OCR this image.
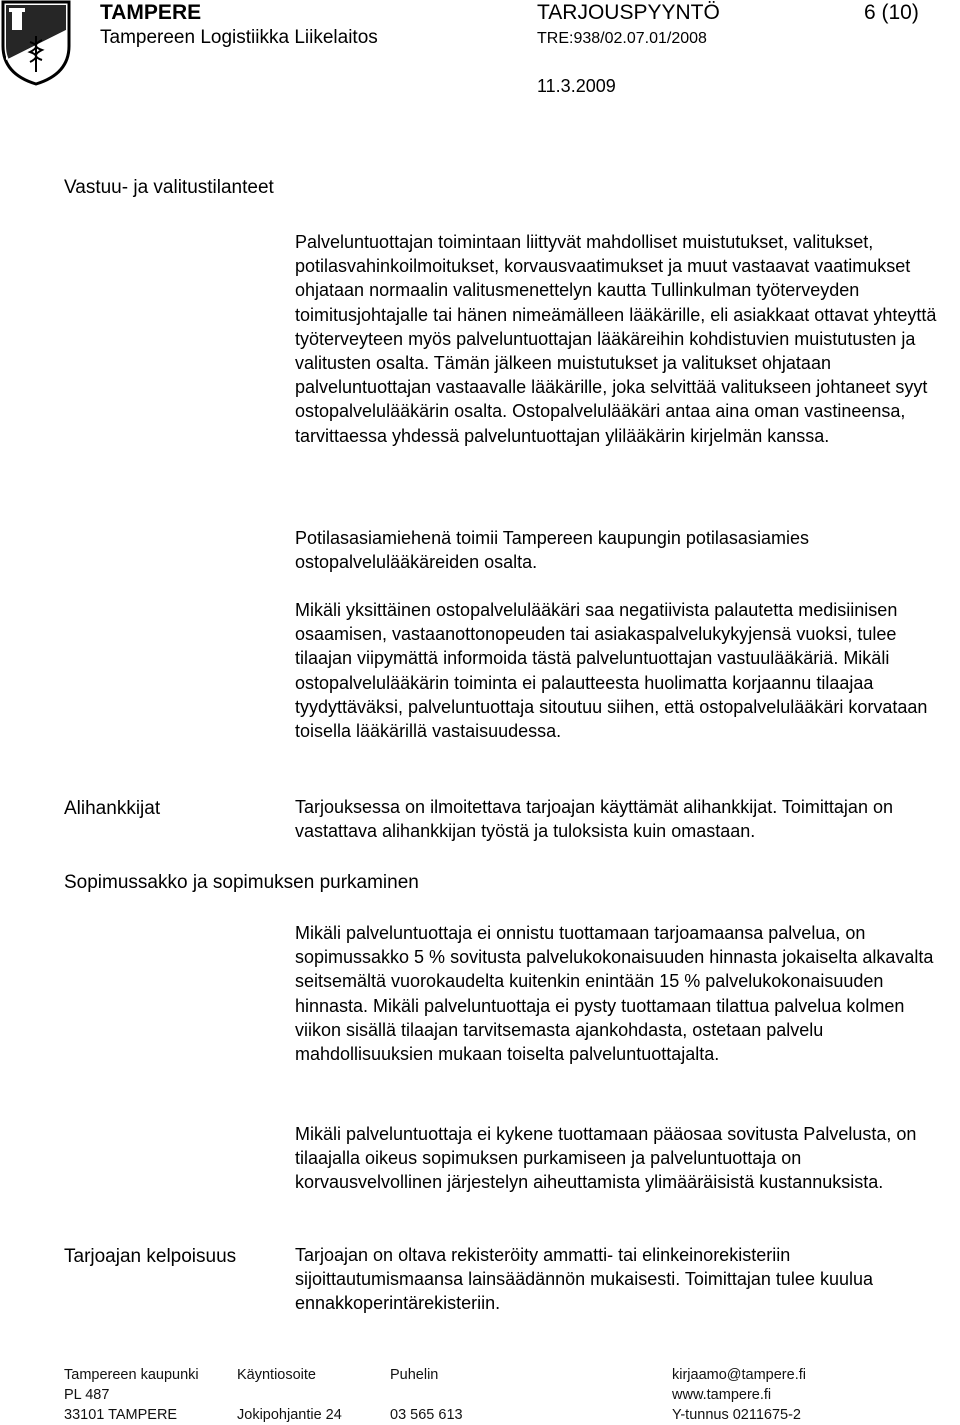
TAMPERE
Tampereen Logistiikka Liikelaitos
TARJOUSPYYNTÖ
TRE:938/02.07.01/2008
6 (10)
11.3.2009
Vastuu- ja valitustilanteet

Palveluntuottajan toimintaan liittyvät mahdolliset muistutukset, valitukset, potilasvahinkoilmoitukset, korvausvaatimukset ja muut vastaavat vaatimukset ohjataan normaalin valitusmenettelyn kautta Tullinkulman työterveyden toimitusjohtajalle tai hänen nimeämälleen lääkärille, eli asiakkaat ottavat yhteyttä työterveyteen myös palveluntuottajan lääkäreihin kohdistuvien muistutusten ja valitusten osalta. Tämän jälkeen muistutukset ja valitukset ohjataan palveluntuottajan vastaavalle lääkärille, joka selvittää valitukseen johtaneet syyt ostopalvelulääkärin osalta. Ostopalvelulääkäri antaa aina oman vastineensa, tarvittaessa yhdessä palveluntuottajan ylilääkärin kirjelmän kanssa.

Potilasasiamiehenä toimii Tampereen kaupungin potilasasiamies ostopalvelulääkäreiden osalta.

Mikäli yksittäinen ostopalvelulääkäri saa negatiivista palautetta medisiinisen osaamisen, vastaanottonopeuden tai asiakaspalvelukykyjensä vuoksi, tulee tilaajan viipymättä informoida tästä palveluntuottajan vastuulääkäriä. Mikäli ostopalvelulääkärin toiminta ei palautteesta huolimatta korjaannu tilaajaa tyydyttäväksi, palveluntuottaja sitoutuu siihen, että ostopalvelulääkäri korvataan toisella lääkärillä vastaisuudessa.

Alihankkijat	Tarjouksessa on ilmoitettava tarjoajan käyttämät alihankkijat. Toimittajan on vastattava alihankkijan työstä ja tuloksista kuin omastaan.

Sopimussakko ja sopimuksen purkaminen

Mikäli palveluntuottaja ei onnistu tuottamaan tarjoamaansa palvelua, on sopimussakko 5 % sovitusta palvelukokonaisuuden hinnasta jokaiselta alkavalta seitsemältä vuorokaudelta kuitenkin enintään 15 % palvelukokonaisuuden hinnasta. Mikäli palveluntuottaja ei pysty tuottamaan tilattua palvelua kolmen viikon sisällä tilaajan tarvitsemasta ajankohdasta, ostetaan palvelu mahdollisuuksien mukaan toiselta palveluntuottajalta.

Mikäli palveluntuottaja ei kykene tuottamaan pääosaa sovitusta Palvelusta, on tilaajalla oikeus sopimuksen purkamiseen ja palveluntuottaja on korvausvelvollinen järjestelyn aiheuttamista ylimääräisistä kustannuksista.

Tarjoajan kelpoisuus	Tarjoajan on oltava rekisteröity ammatti- tai elinkeinorekisteriin sijoittautumismaansa lainsäädännön mukaisesti. Toimittajan tulee kuulua ennakkoperintärekisteriin.

Tampereen kaupunki
PL 487
33101 TAMPERE
Käyntiosoite

Jokipohjantie 24
Puhelin

03 565 613
kirjaamo@tampere.fi
www.tampere.fi
Y-tunnus 0211675-2
